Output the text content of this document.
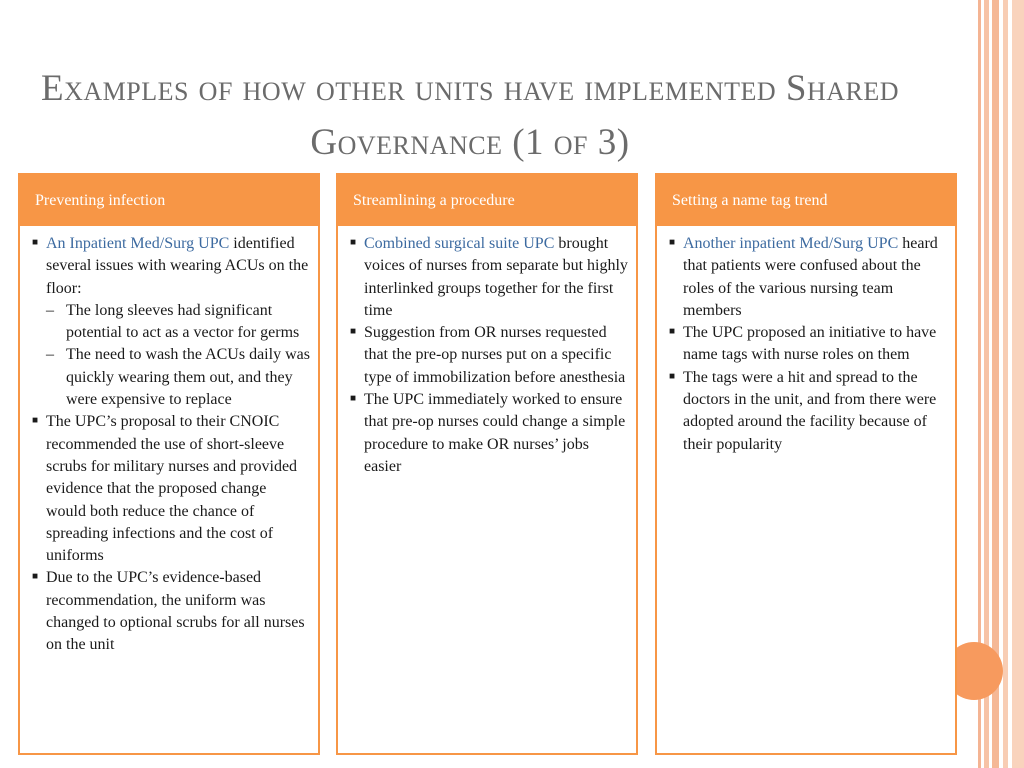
Examples of how other units have implemented Shared Governance (1 of 3)
Preventing infection
■ An Inpatient Med/Surg UPC identified several issues with wearing ACUs on the floor:
– The long sleeves had significant potential to act as a vector for germs
– The need to wash the ACUs daily was quickly wearing them out, and they were expensive to replace
■ The UPC’s proposal to their CNOIC recommended the use of short-sleeve scrubs for military nurses and provided evidence that the proposed change would both reduce the chance of spreading infections and the cost of uniforms
■ Due to the UPC’s evidence-based recommendation, the uniform was changed to optional scrubs for all nurses on the unit
Streamlining a procedure
■ Combined surgical suite UPC brought voices of nurses from separate but highly interlinked groups together for the first time
■ Suggestion from OR nurses requested that the pre-op nurses put on a specific type of immobilization before anesthesia
■ The UPC immediately worked to ensure that pre-op nurses could change a simple procedure to make OR nurses’ jobs easier
Setting a name tag trend
■ Another inpatient Med/Surg UPC heard that patients were confused about the roles of the various nursing team members
■ The UPC proposed an initiative to have name tags with nurse roles on them
■ The tags were a hit and spread to the doctors in the unit, and from there were adopted around the facility because of their popularity
